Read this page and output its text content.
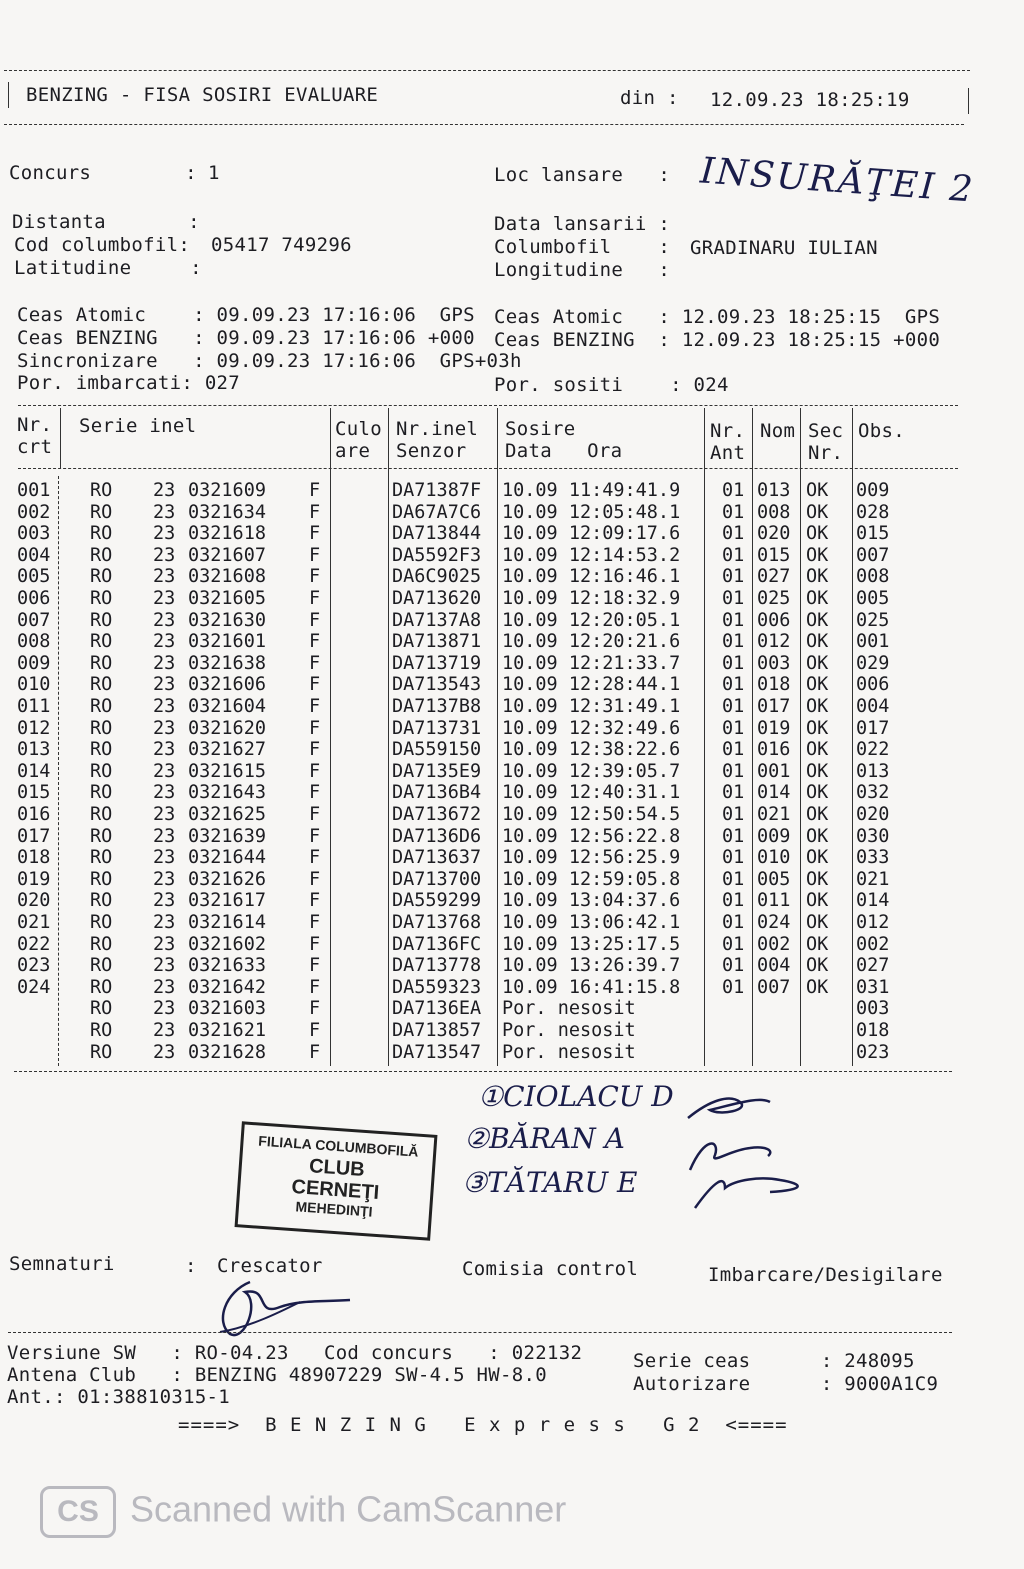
BENZING - FISA SOSIRI EVALUARE	din : 12.09.23 18:25:19
Concurs        : 1
Distanta       :
Cod columbofil: 05417 749296
Latitudine     :
Loc lansare   : INSURĂŢEI 2
Data lansarii :
Columbofil    : GRADINARU IULIAN
Longitudine   :
Ceas Atomic    : 09.09.23 17:16:06  GPS
Ceas BENZING   : 09.09.23 17:16:06 +000
Sincronizare   : 09.09.23 17:16:06  GPS+03h
Por. imbarcati: 027
Ceas Atomic   : 12.09.23 18:25:15  GPS
Ceas BENZING  : 12.09.23 18:25:15 +000
Por. sositi    : 024
Nr.
crt
Serie inel	Culo
are
Nr.inel
Senzor
Sosire
Data   Ora
Nr.
Ant
Nom Sec
Nr.
Obs.
001 RO 23 0321609 F	DA71387F 10.09 11:49:41.9 01 013 OK 009
002 RO 23 0321634 F	DA67A7C6 10.09 12:05:48.1 01 008 OK 028
003 RO 23 0321618 F	DA713844 10.09 12:09:17.6 01 020 OK 015
004 RO 23 0321607 F	DA5592F3 10.09 12:14:53.2 01 015 OK 007
005 RO 23 0321608 F	DA6C9025 10.09 12:16:46.1 01 027 OK 008
006 RO 23 0321605 F	DA713620 10.09 12:18:32.9 01 025 OK 005
007 RO 23 0321630 F	DA7137A8 10.09 12:20:05.1 01 006 OK 025
008 RO 23 0321601 F	DA713871 10.09 12:20:21.6 01 012 OK 001
009 RO 23 0321638 F	DA713719 10.09 12:21:33.7 01 003 OK 029
010 RO 23 0321606 F	DA713543 10.09 12:28:44.1 01 018 OK 006
011 RO 23 0321604 F	DA7137B8 10.09 12:31:49.1 01 017 OK 004
012 RO 23 0321620 F	DA713731 10.09 12:32:49.6 01 019 OK 017
013 RO 23 0321627 F	DA559150 10.09 12:38:22.6 01 016 OK 022
014 RO 23 0321615 F	DA7135E9 10.09 12:39:05.7 01 001 OK 013
015 RO 23 0321643 F	DA7136B4 10.09 12:40:31.1 01 014 OK 032
016 RO 23 0321625 F	DA713672 10.09 12:50:54.5 01 021 OK 020
017 RO 23 0321639 F	DA7136D6 10.09 12:56:22.8 01 009 OK 030
018 RO 23 0321644 F	DA713637 10.09 12:56:25.9 01 010 OK 033
019 RO 23 0321626 F	DA713700 10.09 12:59:05.8 01 005 OK 021
020 RO 23 0321617 F	DA559299 10.09 13:04:37.6 01 011 OK 014
021 RO 23 0321614 F	DA713768 10.09 13:06:42.1 01 024 OK 012
022 RO 23 0321602 F	DA7136FC 10.09 13:25:17.5 01 002 OK 002
023 RO 23 0321633 F	DA713778 10.09 13:26:39.7 01 004 OK 027
024 RO 23 0321642 F	DA559323 10.09 16:41:15.8 01 007 OK 031
RO 23 0321603 F	DA7136EA Por. nesosit	003
RO 23 0321621 F	DA713857 Por. nesosit	018
RO 23 0321628 F	DA713547 Por. nesosit	023
FILIALA COLUMBOFILĂ
CLUB
CERNEŢI
MEHEDINŢI
①CIOLACU D
②BĂRAN A
③TĂTARU E
Semnaturi	: Crescator	Comisia control	Imbarcare/Desigilare
Versiune SW   : RO-04.23   Cod concurs   : 022132	Serie ceas      : 248095
Antena Club   : BENZING 48907229 SW-4.5 HW-8.0	Autorizare      : 9000A1C9
Ant.: 01:38810315-1
====>  B E N Z I N G   E x p r e s s   G 2  <====
CS Scanned with CamScanner
